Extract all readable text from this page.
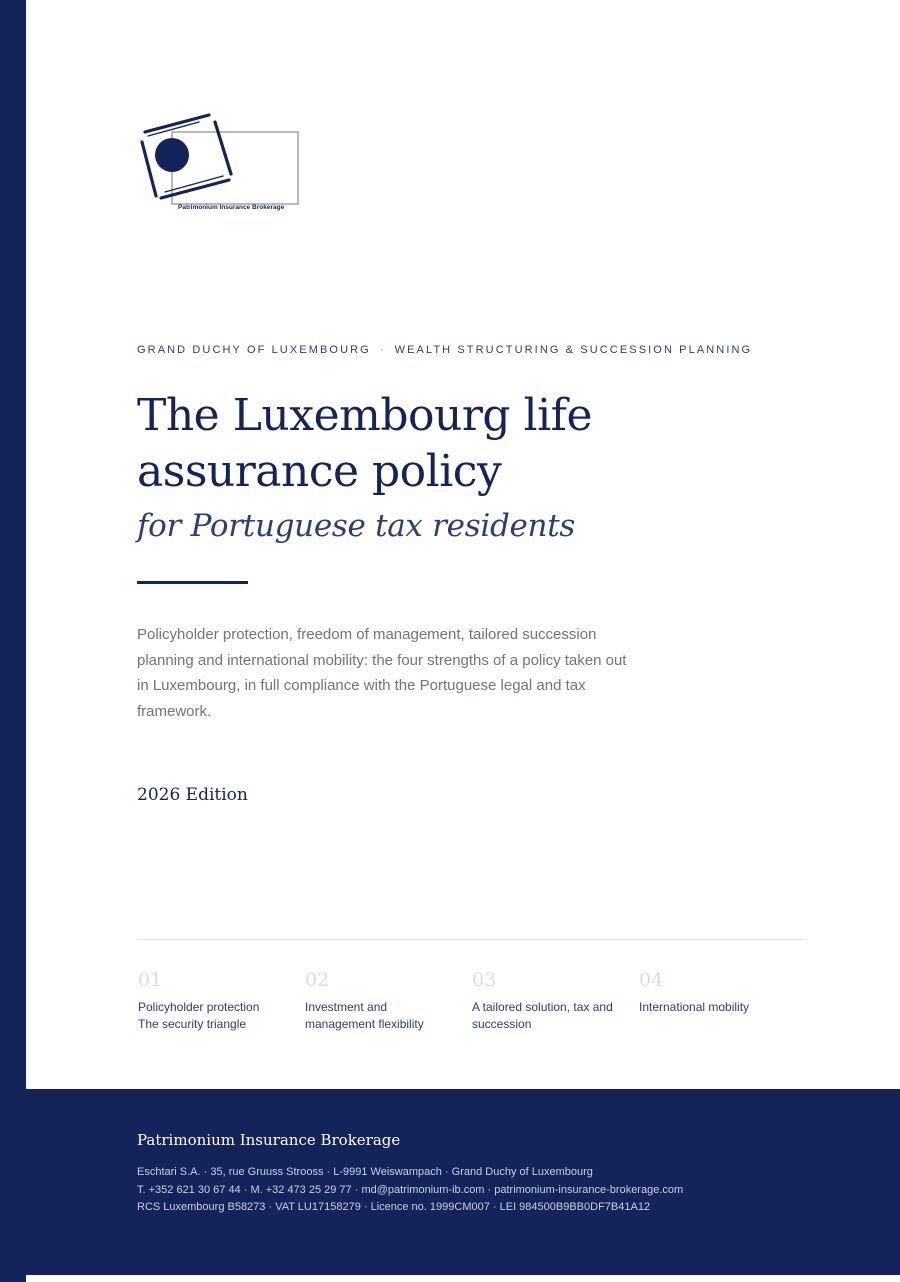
Patrimonium Insurance Brokerage
GRAND DUCHY OF LUXEMBOURG · WEALTH STRUCTURING & SUCCESSION PLANNING
The Luxembourg life
assurance policy
for Portuguese tax residents

Policyholder protection, freedom of management, tailored succession planning and international mobility: the four strengths of a policy taken out in Luxembourg, in full compliance with the Portuguese legal and tax framework.

2026 Edition
01
Policyholder protection
The security triangle
02
Investment and
management flexibility
03
A tailored solution, tax and
succession
04
International mobility
Patrimonium Insurance Brokerage
Eschtari S.A. · 35, rue Gruuss Strooss · L-9991 Weiswampach · Grand Duchy of Luxembourg
T. +352 621 30 67 44 · M. +32 473 25 29 77 · md@patrimonium-ib.com · patrimonium-insurance-brokerage.com
RCS Luxembourg B58273 · VAT LU17158279 · Licence no. 1999CM007 · LEI 984500B9BB0DF7B41A12
